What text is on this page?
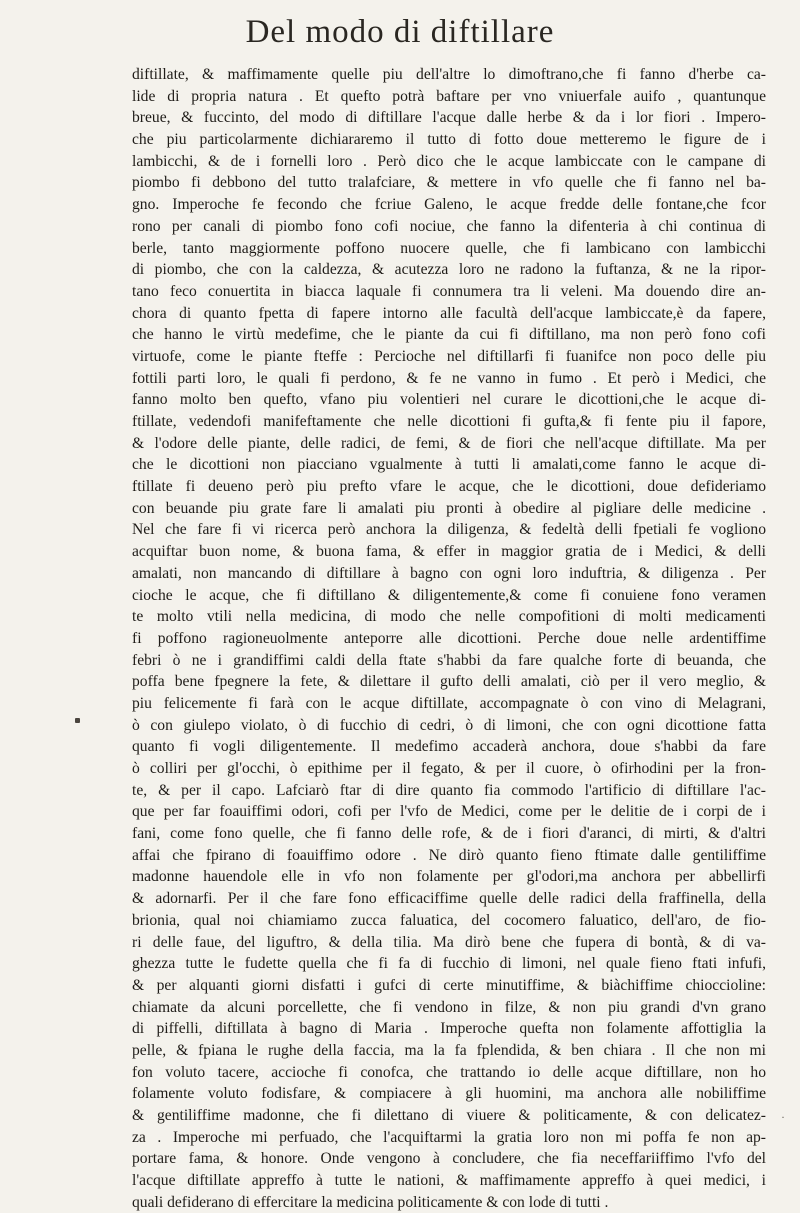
Del modo di diftillare
diftillate, & maffimamente quelle piu dell'altre lo dimoftrano,che fi fanno d'herbe ca-
lide di propria natura . Et quefto potrà baftare per vno vniuerfale auifo , quantunque
breue, & fuccinto, del modo di diftillare l'acque dalle herbe & da i lor fiori . Impero-
che piu particolarmente dichiararemo il tutto di fotto doue metteremo le figure de i
lambicchi, & de i fornelli loro . Però dico che le acque lambiccate con le campane di
piombo fi debbono del tutto tralafciare, & mettere in vfo quelle che fi fanno nel ba-
gno. Imperoche fe fecondo che fcriue Galeno, le acque fredde delle fontane,che fcor
rono per canali di piombo fono cofi nociue, che fanno la difenteria à chi continua di
berle, tanto maggiormente poffono nuocere quelle, che fi lambicano con lambicchi
di piombo, che con la caldezza, & acutezza loro ne radono la fuftanza, & ne la ripor-
tano feco conuertita in biacca laquale fi connumera tra li veleni. Ma douendo dire an-
chora di quanto fpetta di fapere intorno alle facultà dell'acque lambiccate,è da fapere,
che hanno le virtù medefime, che le piante da cui fi diftillano, ma non però fono cofi
virtuofe, come le piante fteffe : Percioche nel diftillarfi fi fuanifce non poco delle piu
fottili parti loro, le quali fi perdono, & fe ne vanno in fumo . Et però i Medici, che
fanno molto ben quefto, vfano piu volentieri nel curare le dicottioni,che le acque di-
ftillate, vedendofi manifeftamente che nelle dicottioni fi gufta,& fi fente piu il fapore,
& l'odore delle piante, delle radici, de femi, & de fiori che nell'acque diftillate. Ma per
che le dicottioni non piacciano vgualmente à tutti li amalati,come fanno le acque di-
ftillate fi deueno però piu prefto vfare le acque, che le dicottioni, doue defideriamo
con beuande piu grate fare li amalati piu pronti à obedire al pigliare delle medicine .
Nel che fare fi vi ricerca però anchora la diligenza, & fedeltà delli fpetiali fe vogliono
acquiftar buon nome, & buona fama, & effer in maggior gratia de i Medici, & delli
amalati, non mancando di diftillare à bagno con ogni loro induftria, & diligenza . Per
cioche le acque, che fi diftillano & diligentemente,& come fi conuiene fono veramen
te molto vtili nella medicina, di modo che nelle compofitioni di molti medicamenti
fi poffono ragioneuolmente anteporre alle dicottioni. Perche doue nelle ardentiffime
febri ò ne i grandiffimi caldi della ftate s'habbi da fare qualche forte di beuanda, che
poffa bene fpegnere la fete, & dilettare il gufto delli amalati, ciò per il vero meglio, &
piu felicemente fi farà con le acque diftillate, accompagnate ò con vino di Melagrani,
ò con giulepo violato, ò di fucchio di cedri, ò di limoni, che con ogni dicottione fatta
quanto fi vogli diligentemente. Il medefimo accaderà anchora, doue s'habbi da fare
ò colliri per gl'occhi, ò epithime per il fegato, & per il cuore, ò ofirhodini per la fron-
te, & per il capo. Lafciarò ftar di dire quanto fia commodo l'artificio di diftillare l'ac-
que per far foauiffimi odori, cofi per l'vfo de Medici, come per le delitie de i corpi de i
fani, come fono quelle, che fi fanno delle rofe, & de i fiori d'aranci, di mirti, & d'altri
affai che fpirano di foauiffimo odore . Ne dirò quanto fieno ftimate dalle gentiliffime
madonne hauendole elle in vfo non folamente per gl'odori,ma anchora per abbellirfi
& adornarfi. Per il che fare fono efficaciffime quelle delle radici della fraffinella, della
brionia, qual noi chiamiamo zucca faluatica, del cocomero faluatico, dell'aro, de fio-
ri delle faue, del liguftro, & della tilia. Ma dirò bene che fupera di bontà, & di va-
ghezza tutte le fudette quella che fi fa di fucchio di limoni, nel quale fieno ftati infufi,
& per alquanti giorni disfatti i gufci di certe minutiffime, & biàchiffime chioccioline:
chiamate da alcuni porcellette, che fi vendono in filze, & non piu grandi d'vn grano
di piffelli, diftillata à bagno di Maria . Imperoche quefta non folamente affottiglia la
pelle, & fpiana le rughe della faccia, ma la fa fplendida, & ben chiara . Il che non mi
fon voluto tacere, accioche fi conofca, che trattando io delle acque diftillare, non ho
folamente voluto fodisfare, & compiacere à gli huomini, ma anchora alle nobiliffime
& gentiliffime madonne, che fi dilettano di viuere & politicamente, & con delicatez-
za . Imperoche mi perfuado, che l'acquiftarmi la gratia loro non mi poffa fe non ap-
portare fama, & honore. Onde vengono à concludere, che fia neceffariiffimo l'vfo del
l'acque diftillate appreffo à tutte le nationi, & maffimamente appreffo à quei medici, i
quali defiderano di effercitare la medicina politicamente & con lode di tutti .
·
